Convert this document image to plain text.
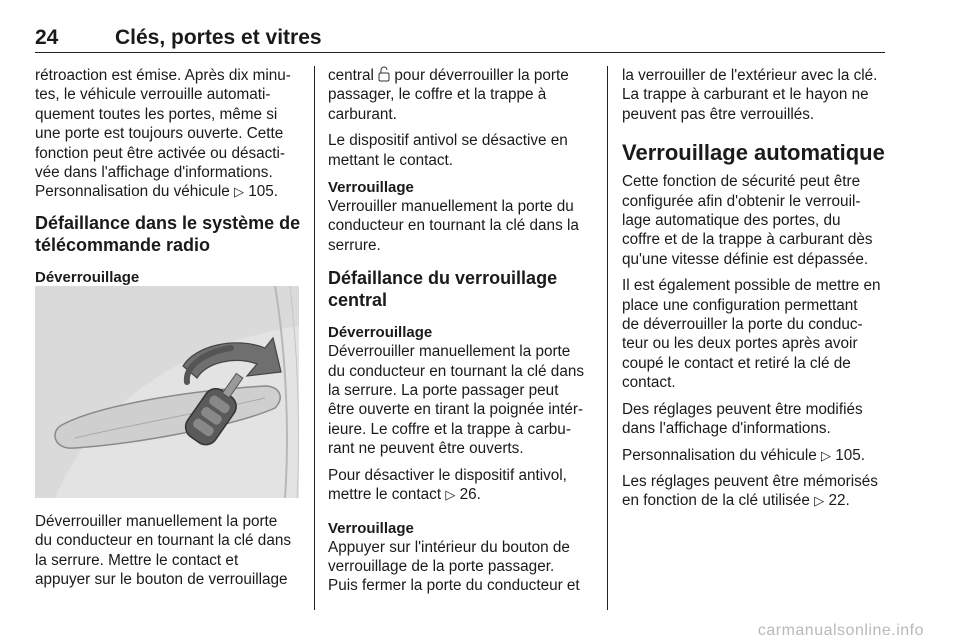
24	Clés, portes et vitres

rétroaction est émise. Après dix minu-
tes, le véhicule verrouille automati-
quement toutes les portes, même si
une porte est toujours ouverte. Cette
fonction peut être activée ou désacti-
vée dans l'affichage d'informations.
Personnalisation du véhicule ▷ 105.

Défaillance dans le système de
télécommande radio
Déverrouillage
Déverrouiller manuellement la porte
du conducteur en tournant la clé dans
la serrure. Mettre le contact et
appuyer sur le bouton de verrouillage

central pour déverrouiller la porte
passager, le coffre et la trappe à
carburant.

Le dispositif antivol se désactive en
mettant le contact.

Verrouillage

Verrouiller manuellement la porte du
conducteur en tournant la clé dans la
serrure.

Défaillance du verrouillage
central
Déverrouillage

Déverrouiller manuellement la porte
du conducteur en tournant la clé dans
la serrure. La porte passager peut
être ouverte en tirant la poignée intér-
ieure. Le coffre et la trappe à carbu-
rant ne peuvent être ouverts.

Pour désactiver le dispositif antivol,
mettre le contact ▷ 26.

Verrouillage

Appuyer sur l'intérieur du bouton de
verrouillage de la porte passager.
Puis fermer la porte du conducteur et

la verrouiller de l'extérieur avec la clé.
La trappe à carburant et le hayon ne
peuvent pas être verrouillés.

Verrouillage automatique

Cette fonction de sécurité peut être
configurée afin d'obtenir le verrouil-
lage automatique des portes, du
coffre et de la trappe à carburant dès
qu'une vitesse définie est dépassée.

Il est également possible de mettre en
place une configuration permettant
de déverrouiller la porte du conduc-
teur ou les deux portes après avoir
coupé le contact et retiré la clé de
contact.

Des réglages peuvent être modifiés
dans l'affichage d'informations.

Personnalisation du véhicule ▷ 105.

Les réglages peuvent être mémorisés
en fonction de la clé utilisée ▷ 22.

carmanualsonline.info
